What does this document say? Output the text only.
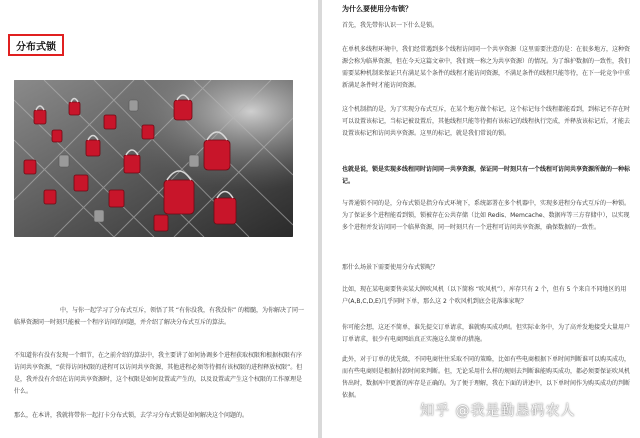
分布式锁

中，与你一起学习了分布式互斥，领悟了其 “有你没我，有我没你” 的精髓，为你解决了同一临界资源同一时刻只能被一个程序访问的问题，并介绍了解决分布式互斥的算法。

不知道你有没有发现一个细节，在之前介绍的算法中，我主要讲了如何协调多个进程获取权限和根据权限有序访问共享资源，“获得访问权限的进程可以访问共享资源，其他进程必须等待拥有该权限的进程释放权限”。但是，我并没有介绍在访问共享资源时，这个权限是如何设置或产生的，以及设置或产生这个权限的工作原理是什么。

那么，在本讲，我就将带你一起打卡分布式锁，去学习分布式锁是如何解决这个问题的。

为什么要使用分布锁？

首先，我先带你认识一下什么是锁。

在单机多线程环境中，我们经常遇到多个线程访问同一个共享资源（这里需要注意的是：在很多地方，这种资源会称为临界资源，但在今天这篇文章中，我们统一称之为共享资源）的情况。为了维护数据的一致性，我们需要某种机制来保证只有满足某个条件的线程才能访问资源，不满足条件的线程只能等待，在下一轮竞争中重新满足条件时才能访问资源。

这个机制指的是，为了实现分布式互斥，在某个地方做个标记，这个标记每个线程都能看到，到标记不存在时可以设置该标记，当标记被设置后，其他线程只能等待拥有该标记的线程执行完成，并释放该标记后，才能去设置该标记和访问共享资源。这里的标记，就是我们常说的锁。

也就是说，锁是实现多线程同时访问同一共享资源，保证同一时刻只有一个线程可访问共享资源所做的一种标记。

与普通锁不同的是，分布式锁是指分布式环境下，系统部署在多个机器中，实现多进程分布式互斥的一种锁。为了保证多个进程能看到锁，锁被存在公共存储（比如 Redis、Memcache、数据库等三方存储中），以实现多个进程并发访问同一个临界资源，同一时刻只有一个进程可访问共享资源，确保数据的一致性。

那什么场景下需要使用分布式锁呢？

比如，现在某电商要售卖某大牌吹风机（以下简称 “吹风机”），库存只有 2 个，但有 5 个来自不同地区的用户(A,B,C,D,E)几乎同时下单，那么这 2 个吹风机到底会花落谁家呢？

你可能会想，这还不简单，谁先提交订单请求，谁就购买成功呗。但实际业务中，为了高并发地接受大量用户订单请求，很少有电商网站真正实施这么简单的措施。

此外，对于订单的优先级，不同电商往往采取不同的策略，比如有些电商根据下单时间判断谁可以购买成功，而有些电商则是根据付款时间来判断。但，无论采用什么样的规则去判断谁能购买成功，都必须要保证吹风机售出时，数据库中更新的库存是正确的。为了便于理解，我在下面的讲述中，以下单时间作为购买成功的判断依据。

知乎 @我是勤恳码农人
